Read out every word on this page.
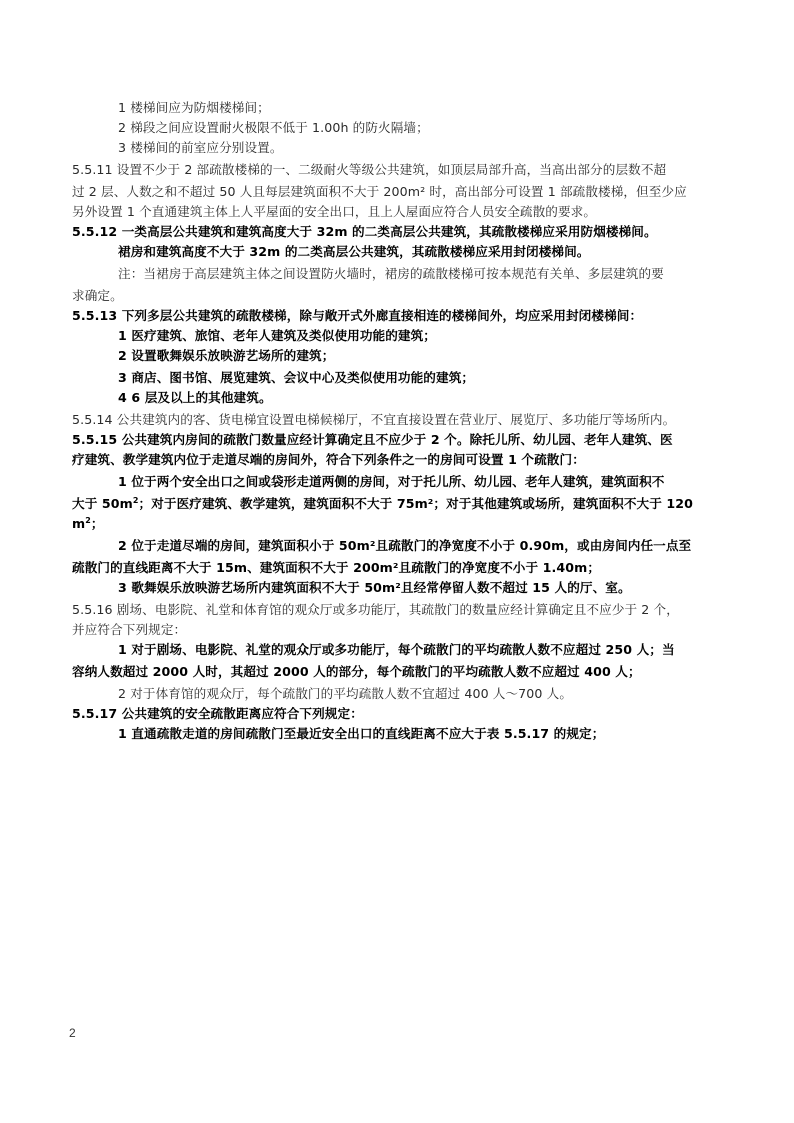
1 楼梯间应为防烟楼梯间；
2 梯段之间应设置耐火极限不低于 1.00h 的防火隔墙；
3 楼梯间的前室应分别设置。
5.5.11 设置不少于 2 部疏散楼梯的一、二级耐火等级公共建筑，如顶层局部升高，当高出部分的层数不超
过 2 层、人数之和不超过 50 人且每层建筑面积不大于 200m² 时，高出部分可设置 1 部疏散楼梯，但至少应
另外设置 1 个直通建筑主体上人平屋面的安全出口，且上人屋面应符合人员安全疏散的要求。
5.5.12 一类高层公共建筑和建筑高度大于 32m 的二类高层公共建筑，其疏散楼梯应采用防烟楼梯间。
裙房和建筑高度不大于 32m 的二类高层公共建筑，其疏散楼梯应采用封闭楼梯间。
注：当裙房于高层建筑主体之间设置防火墙时，裙房的疏散楼梯可按本规范有关单、多层建筑的要
求确定。
5.5.13 下列多层公共建筑的疏散楼梯，除与敞开式外廊直接相连的楼梯间外，均应采用封闭楼梯间：
1 医疗建筑、旅馆、老年人建筑及类似使用功能的建筑；
2 设置歌舞娱乐放映游艺场所的建筑；
3 商店、图书馆、展览建筑、会议中心及类似使用功能的建筑；
4 6 层及以上的其他建筑。
5.5.14 公共建筑内的客、货电梯宜设置电梯候梯厅，不宜直接设置在营业厅、展览厅、多功能厅等场所内。
5.5.15 公共建筑内房间的疏散门数量应经计算确定且不应少于 2 个。除托儿所、幼儿园、老年人建筑、医
疗建筑、教学建筑内位于走道尽端的房间外，符合下列条件之一的房间可设置 1 个疏散门：
1 位于两个安全出口之间或袋形走道两侧的房间，对于托儿所、幼儿园、老年人建筑，建筑面积不
大于 $50m^2$；对于医疗建筑、教学建筑，建筑面积不大于 75m²；对于其他建筑或场所，建筑面积不大于 120
$m^2$；
2 位于走道尽端的房间，建筑面积小于 50m²且疏散门的净宽度不小于 0.90m，或由房间内任一点至
疏散门的直线距离不大于 15m、建筑面积不大于 200m²且疏散门的净宽度不小于 1.40m；
3 歌舞娱乐放映游艺场所内建筑面积不大于 50m²且经常停留人数不超过 15 人的厅、室。
5.5.16 剧场、电影院、礼堂和体育馆的观众厅或多功能厅，其疏散门的数量应经计算确定且不应少于 2 个，
并应符合下列规定：
1 对于剧场、电影院、礼堂的观众厅或多功能厅，每个疏散门的平均疏散人数不应超过 250 人；当
容纳人数超过 2000 人时，其超过 2000 人的部分，每个疏散门的平均疏散人数不应超过 400 人；
2 对于体育馆的观众厅，每个疏散门的平均疏散人数不宜超过 400 人～700 人。
5.5.17 公共建筑的安全疏散距离应符合下列规定：
1 直通疏散走道的房间疏散门至最近安全出口的直线距离不应大于表 5.5.17 的规定；
2
